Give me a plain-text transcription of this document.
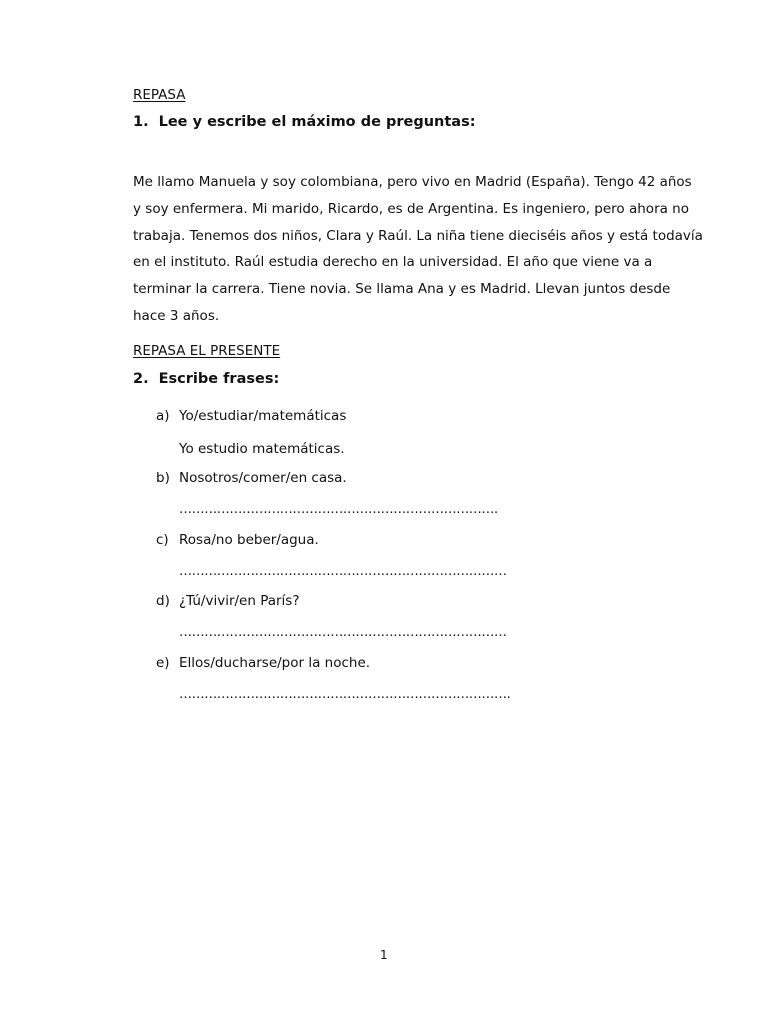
REPASA
1. Lee y escribe el máximo de preguntas:
Me llamo Manuela y soy colombiana, pero vivo en Madrid (España). Tengo 42 años
y soy enfermera. Mi marido, Ricardo, es de Argentina. Es ingeniero, pero ahora no
trabaja. Tenemos dos niños, Clara y Raúl. La niña tiene dieciséis años y está todavía
en el instituto. Raúl estudia derecho en la universidad. El año que viene va a
terminar la carrera. Tiene novia. Se llama Ana y es Madrid. Llevan juntos desde
hace 3 años.
REPASA EL PRESENTE
2. Escribe frases:
a) Yo/estudiar/matemáticas
Yo estudio matemáticas.
b) Nosotros/comer/en casa.
………………………………………………………………….
c) Rosa/no beber/agua.
……………………………………………………………………
d) ¿Tú/vivir/en París?
……………………………………………………………………
e) Ellos/ducharse/por la noche.
…………………………………………………………………….
1
